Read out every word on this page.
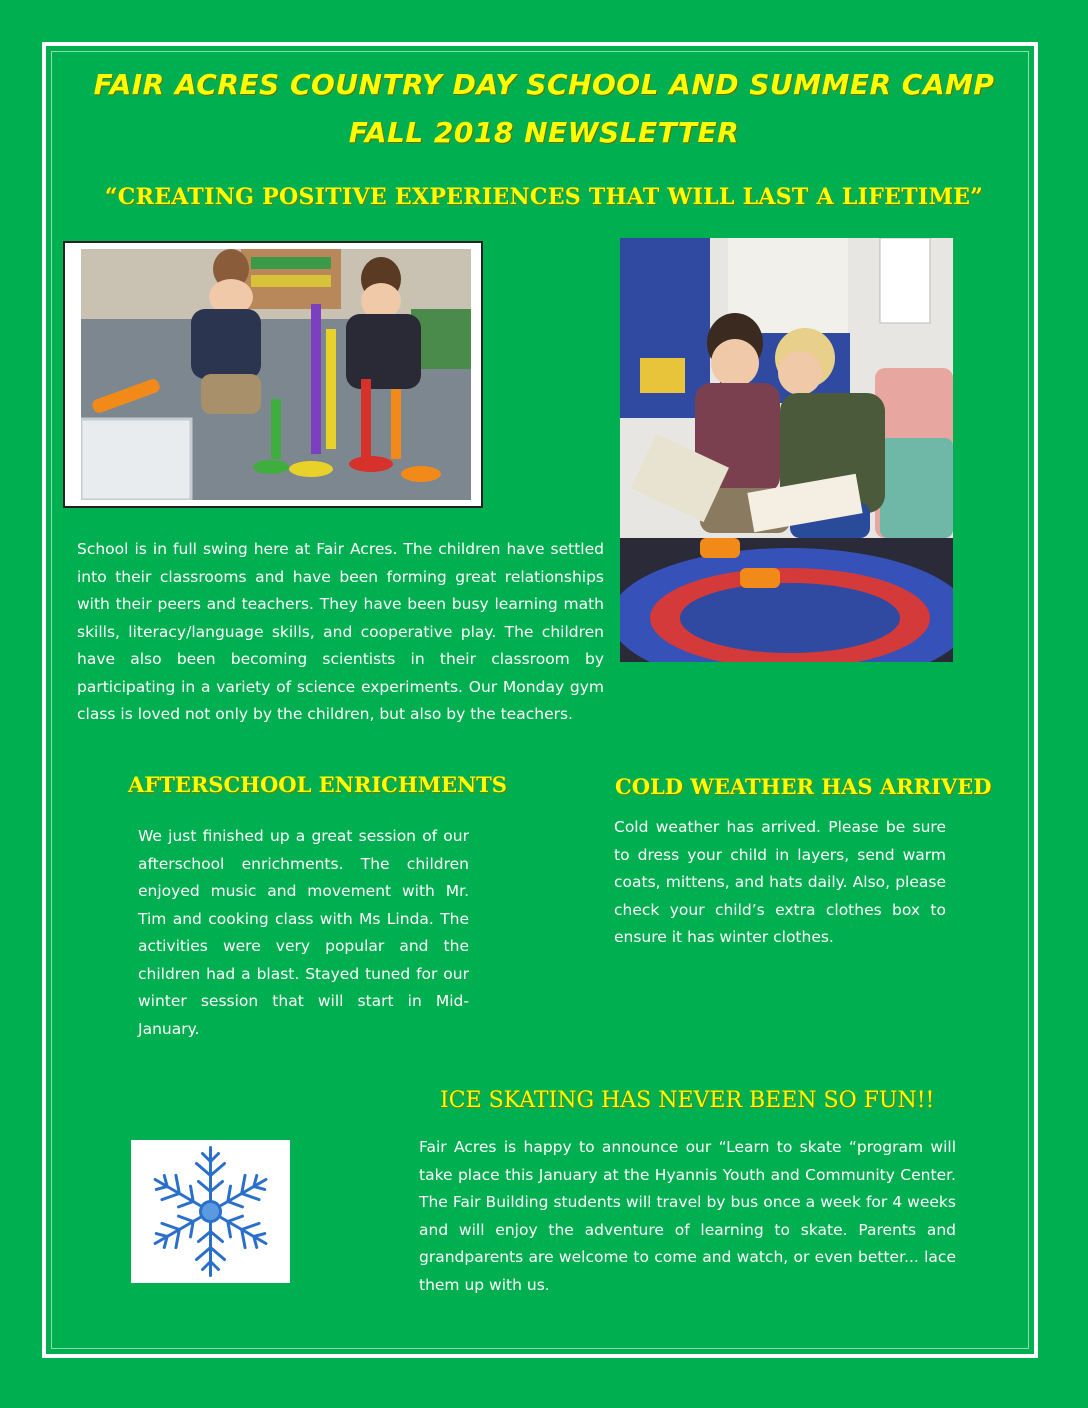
FAIR ACRES COUNTRY DAY SCHOOL AND SUMMER CAMP
FALL 2018 NEWSLETTER
“CREATING POSITIVE EXPERIENCES THAT WILL LAST A LIFETIME”

School is in full swing here at Fair Acres. The children have settled into their classrooms and have been forming great relationships with their peers and teachers. They have been busy learning math skills, literacy/language skills, and cooperative play. The children have also been becoming scientists in their classroom by participating in a variety of science experiments. Our Monday gym class is loved not only by the children, but also by the teachers.

AFTERSCHOOL ENRICHMENTS

We just finished up a great session of our afterschool enrichments. The children enjoyed music and movement with Mr. Tim and cooking class with Ms Linda. The activities were very popular and the children had a blast. Stayed tuned for our winter session that will start in Mid-January.

COLD WEATHER HAS ARRIVED

Cold weather has arrived. Please be sure to dress your child in layers, send warm coats, mittens, and hats daily. Also, please check your child’s extra clothes box to ensure it has winter clothes.

ICE SKATING HAS NEVER BEEN SO FUN!!

Fair Acres is happy to announce our “Learn to skate “program will take place this January at the Hyannis Youth and Community Center. The Fair Building students will travel by bus once a week for 4 weeks and will enjoy the adventure of learning to skate. Parents and grandparents are welcome to come and watch, or even better... lace them up with us.
